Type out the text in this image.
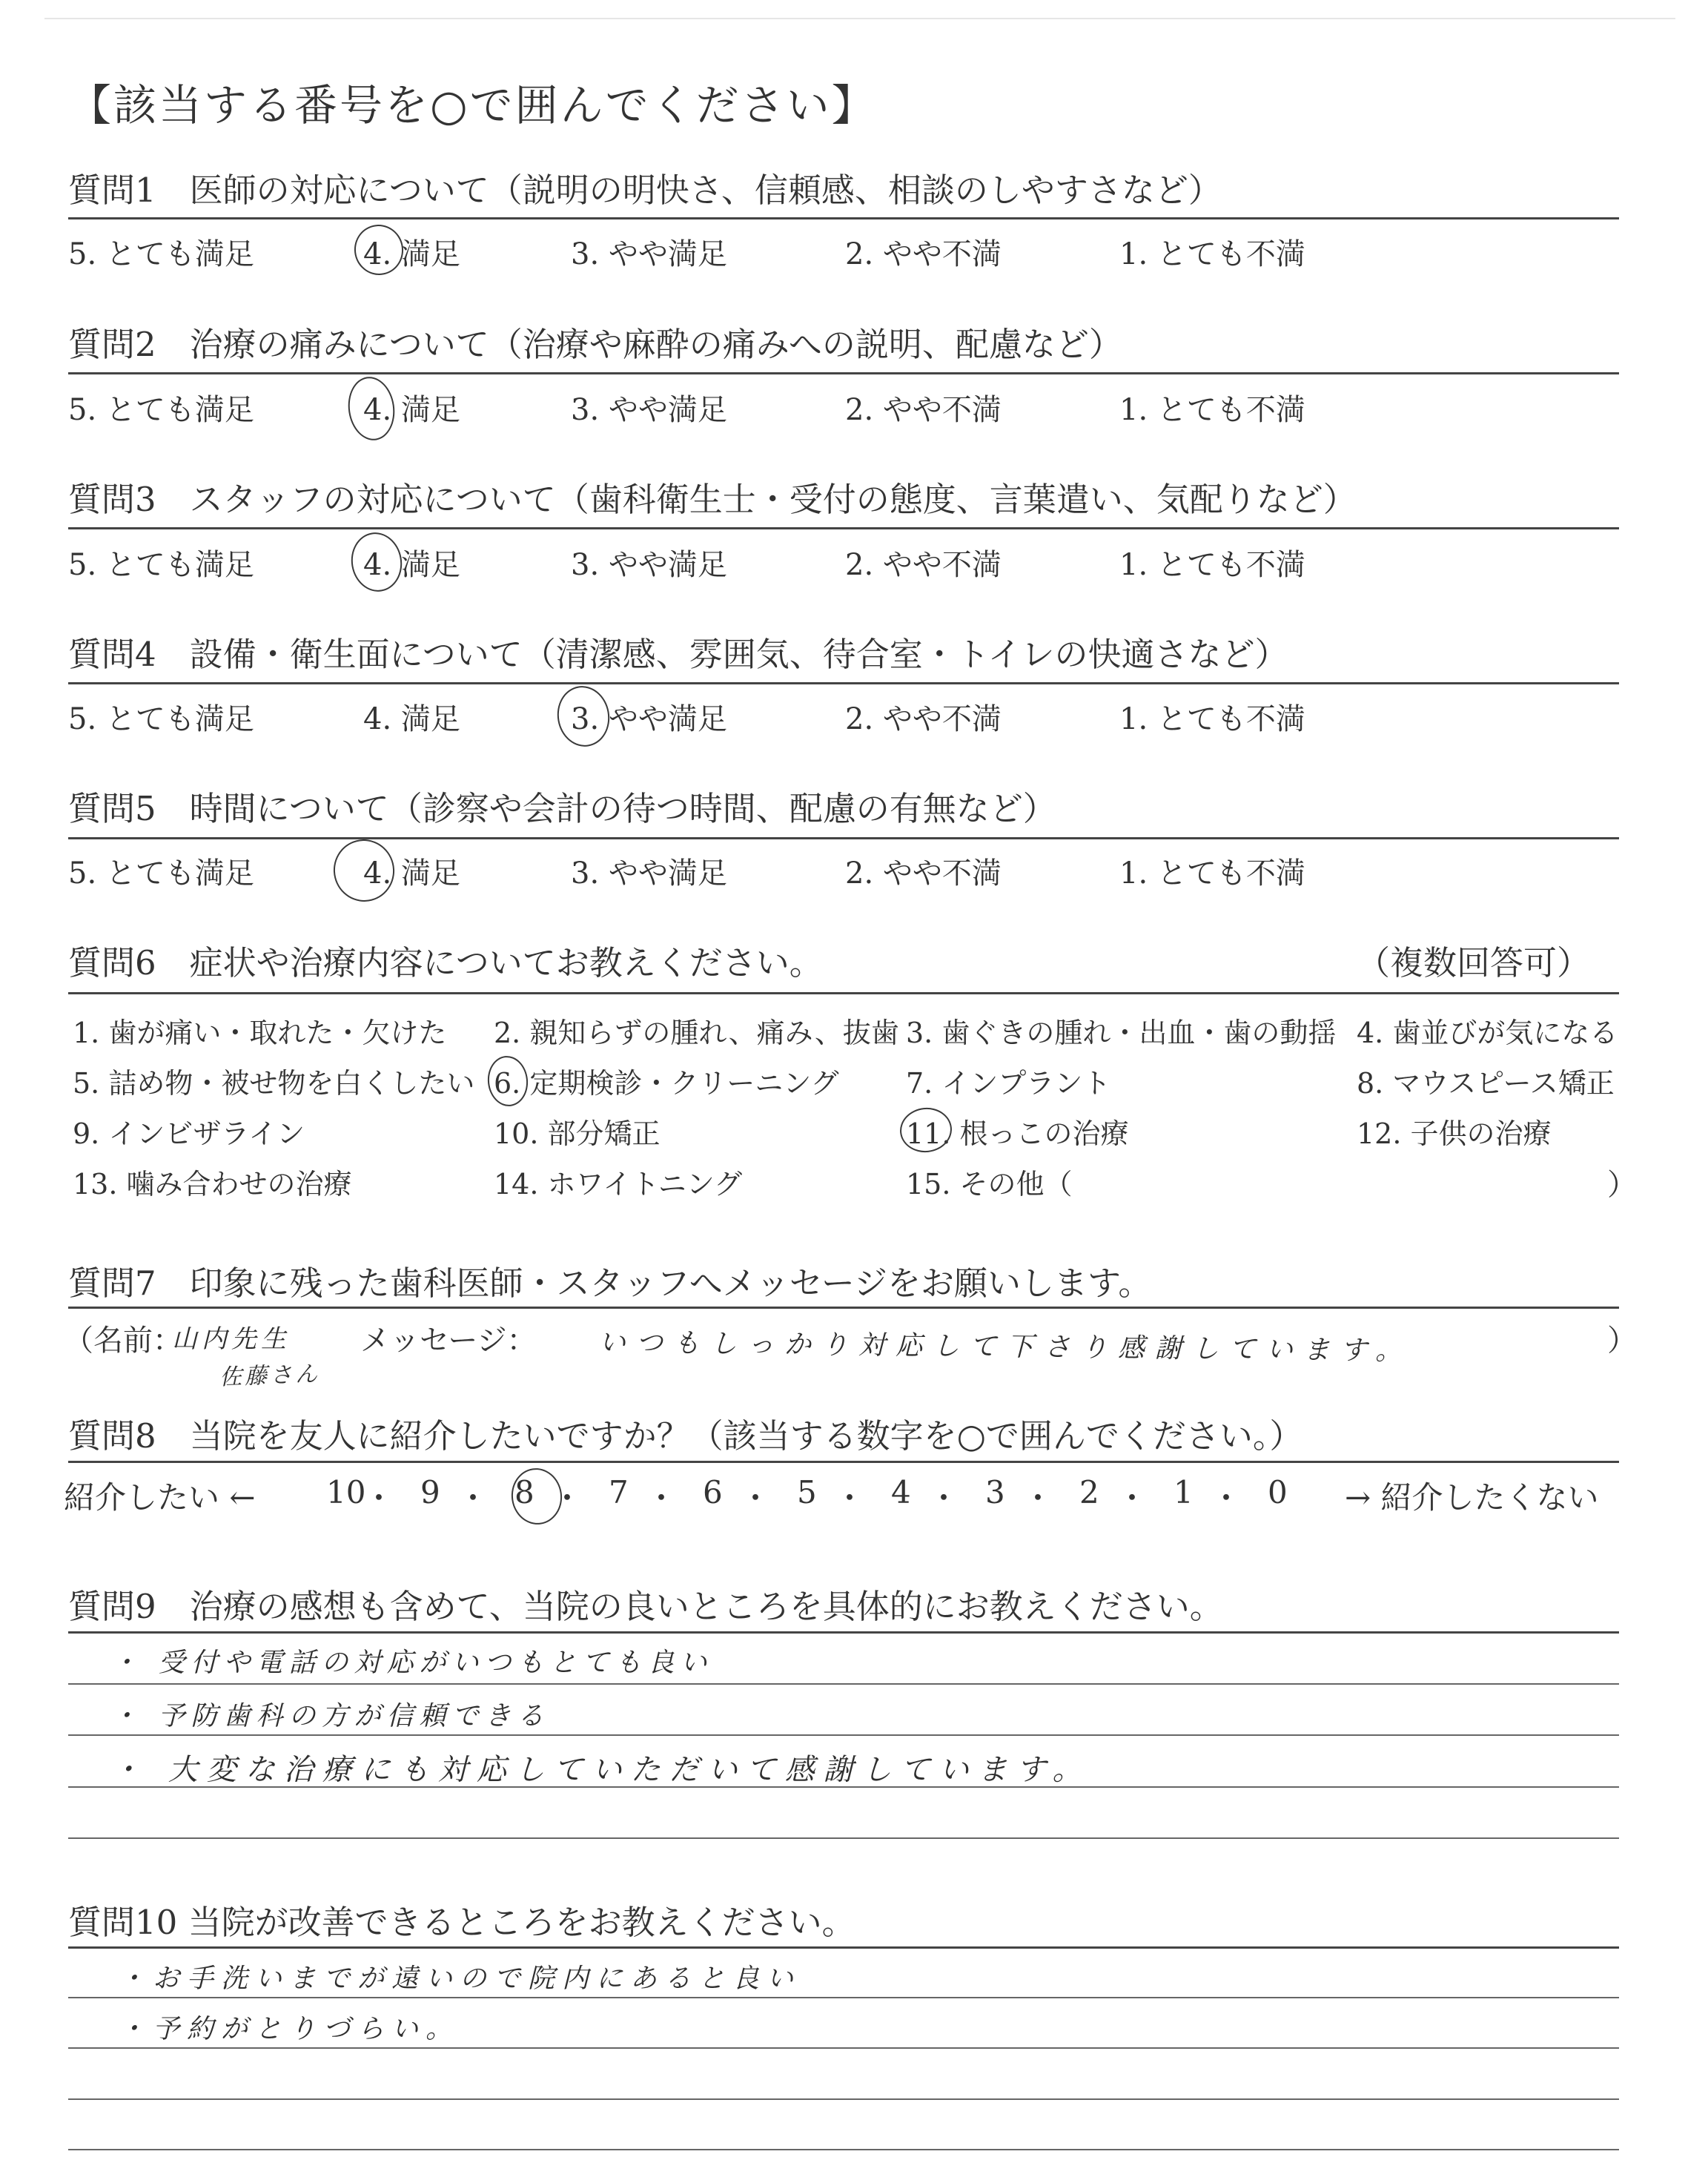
【該当する番号を○で囲んでください】
質問1　医師の対応について（説明の明快さ、信頼感、相談のしやすさなど）
5. とても満足	4. 満足	3. やや満足	2. やや不満	1. とても不満
質問2　治療の痛みについて（治療や麻酔の痛みへの説明、配慮など）
5. とても満足	4. 満足	3. やや満足	2. やや不満	1. とても不満
質問3　スタッフの対応について（歯科衛生士・受付の態度、言葉遣い、気配りなど）
5. とても満足	4. 満足	3. やや満足	2. やや不満	1. とても不満
質問4　設備・衛生面について（清潔感、雰囲気、待合室・トイレの快適さなど）
5. とても満足	4. 満足	3. やや満足	2. やや不満	1. とても不満
質問5　時間について（診察や会計の待つ時間、配慮の有無など）
5. とても満足	4. 満足	3. やや満足	2. やや不満	1. とても不満
質問6　症状や治療内容についてお教えください。	（複数回答可）
1. 歯が痛い・取れた・欠けた 2. 親知らずの腫れ、痛み、抜歯 3. 歯ぐきの腫れ・出血・歯の動揺 4. 歯並びが気になる
5. 詰め物・被せ物を白くしたい 6. 定期検診・クリーニング 7. インプラント	8. マウスピース矯正
9. インビザライン	10. 部分矯正	11. 根っこの治療	12. 子供の治療
13. 噛み合わせの治療	14. ホワイトニング	15. その他（	）
質問7　印象に残った歯科医師・スタッフへメッセージをお願いします。
（名前：
山内先生
佐藤さん
メッセージ： いつもしっかり対応して下さり感謝しています。	）
質問8　当院を友人に紹介したいですか？（該当する数字を○で囲んでください。）
紹介したい ← 10
・ 9 ・ 8 ・ 7 ・ 6 ・ 5 ・ 4 ・ 3 ・ 2 ・ 1 ・ 0 → 紹介したくない
質問9　治療の感想も含めて、当院の良いところを具体的にお教えください。
・ 受付や電話の対応がいつもとても良い
・ 予防歯科の方が信頼できる
・ 大変な治療にも対応していただいて感謝しています。
質問10 当院が改善できるところをお教えください。
・お手洗いまでが遠いので院内にあると良い
・予約がとりづらい。
